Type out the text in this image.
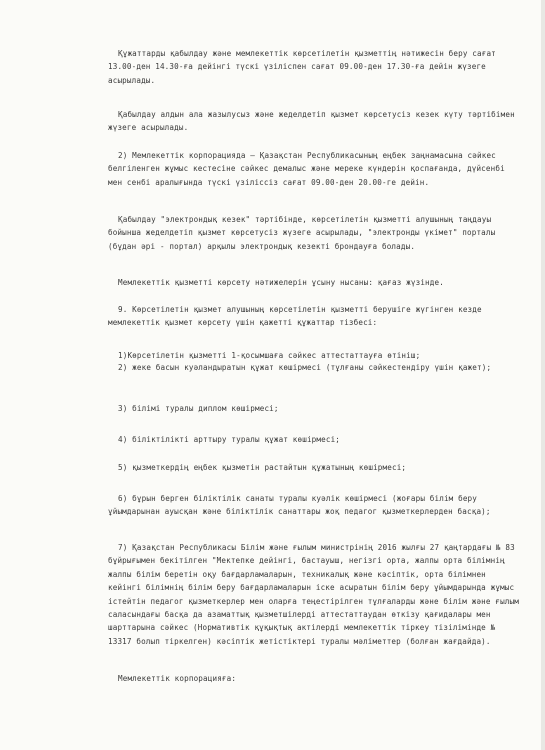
Құжаттарды қабылдау және мемлекеттік көрсетілетін қызметтің нәтижесін беру сағат 13.00-ден 14.30-ға дейінгі түскі үзіліспен сағат 09.00-ден 17.30-ға дейін жүзеге асырылады.
Қабылдау алдын ала жазылусыз және жеделдетіп қызмет көрсетусіз кезек күту тәртібімен жүзеге асырылады.
2) Мемлекеттік корпорацияда – Қазақстан Республикасының еңбек заңнамасына сәйкес белгіленген жұмыс кестесіне сәйкес демалыс және мереке күндерін қоспағанда, дүйсенбі мен сенбі аралығында түскі үзіліссіз сағат 09.00-ден 20.00-ге дейін.
Қабылдау "электрондық кезек" тәртібінде, көрсетілетін қызметті алушының таңдауы бойынша жеделдетіп қызмет көрсетусіз жүзеге асырылады, "электронды үкімет" порталы (бұдан әрі - портал) арқылы электрондық кезекті брондауға болады.
Мемлекеттік қызметті көрсету нәтижелерін ұсыну нысаны: қағаз жүзінде.
9. Көрсетілетін қызмет алушының көрсетілетін қызметті берушіге жүгінген кезде мемлекеттік қызмет көрсету үшін қажетті құжаттар тізбесі:
1)Көрсетілетін қызметті 1-қосымшаға сәйкес аттестаттауға өтініш;
2) жеке басын куәландыратын құжат көшірмесі (тұлғаны сәйкестендіру үшін қажет);
3) білімі туралы диплом көшірмесі;
4) біліктілікті арттыру туралы құжат көшірмесі;
5) қызметкердің еңбек қызметін растайтын құжатының көшірмесі;
6) бұрын берген біліктілік санаты туралы куәлік көшірмесі (жоғары білім беру ұйымдарынан ауысқан және біліктілік санаттары жоқ педагог қызметкерлерден басқа);
7) Қазақстан Республикасы Білім және ғылым министрінің 2016 жылғы 27 қаңтардағы № 83 бұйрығымен бекітілген "Мектепке дейінгі, бастауыш, негізгі орта, жалпы орта білімнің жалпы білім беретін оқу бағдарламаларын, техникалық және кәсіптік, орта білімнен кейінгі білімнің білім беру бағдарламаларын іске асыратын білім беру ұйымдарында жұмыс істейтін педагог қызметкерлер мен оларға теңестірілген тұлғаларды және білім және ғылым саласындағы басқа да азаматтық қызметшілерді аттестаттаудан өткізу қағидалары мен шарттарына сәйкес (Нормативтік құқықтық актілерді мемлекеттік тіркеу тізілімінде № 13317 болып тіркелген) кәсіптік жетістіктері туралы мәліметтер (болған жағдайда).
Мемлекеттік корпорацияға:
